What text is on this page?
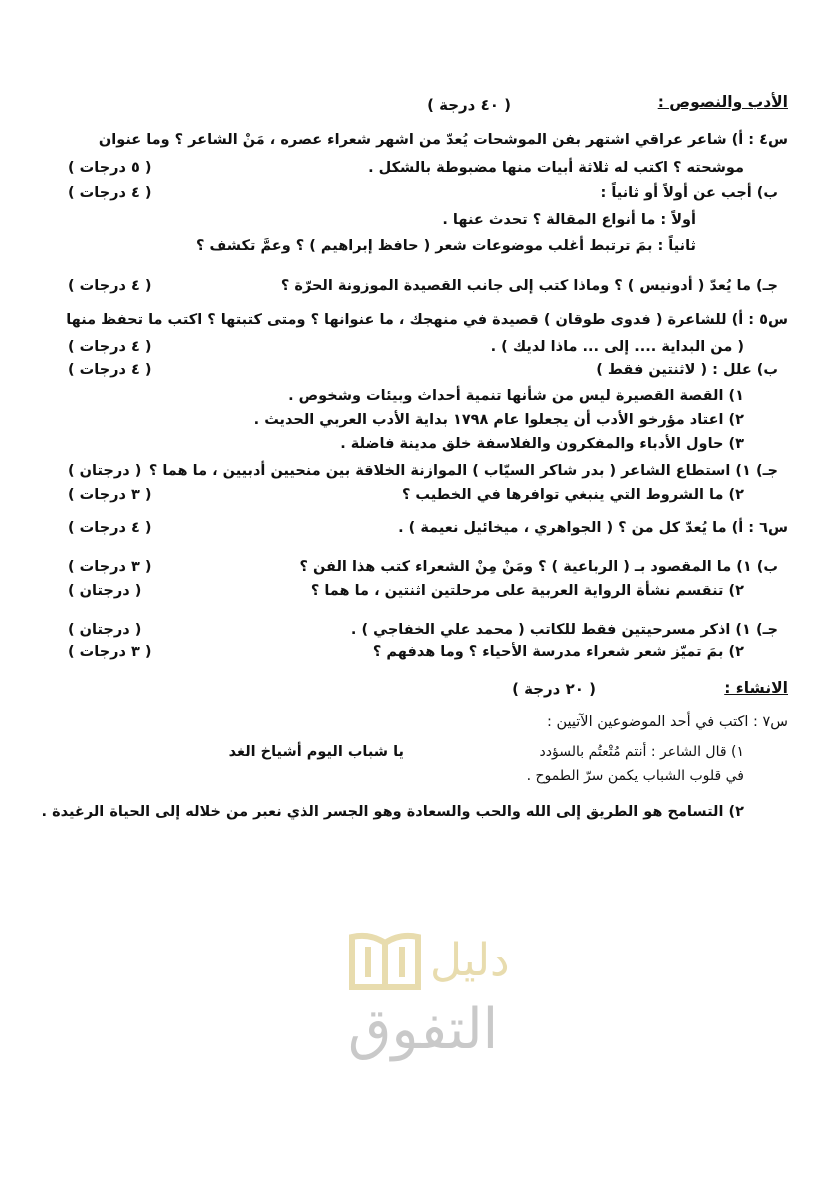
الأدب والنصوص :
( ٤٠ درجة )
س٤ : أ) شاعر عراقي اشتهر بفن الموشحات يُعدّ من اشهر شعراء عصره ، مَنْ الشاعر ؟ وما عنوان
موشحته ؟ اكتب له ثلاثة أبيات منها مضبوطة بالشكل .
( ٥ درجات )
ب) أجب عن أولاً أو ثانياً :
( ٤ درجات )
أولاً : ما أنواع المقالة ؟ تحدث عنها .
ثانياً : بمَ ترتبط أغلب موضوعات شعر ( حافظ إبراهيم ) ؟ وعمَّ تكشف ؟
جـ) ما يُعدّ ( أدونيس ) ؟ وماذا كتب إلى جانب القصيدة الموزونة الحرّة ؟
( ٤ درجات )
س٥ : أ) للشاعرة ( فدوى طوقان ) قصيدة في منهجك ، ما عنوانها ؟ ومتى كتبتها ؟ اكتب ما تحفظ منها
( من البداية .... إلى ... ماذا لديك ) .
( ٤ درجات )
ب) علل : ( لاثنتين فقط )
( ٤ درجات )
١) القصة القصيرة ليس من شأنها تنمية أحداث وبيئات وشخوص .
٢) اعتاد مؤرخو الأدب أن يجعلوا عام ١٧٩٨ بداية الأدب العربي الحديث .
٣) حاول الأدباء والمفكرون والفلاسفة خلق مدينة فاضلة .
جـ) ١) استطاع الشاعر ( بدر شاكر السيّاب ) الموازنة الخلاقة بين منحيين أدبيين ، ما هما ؟
( درجتان )
٢) ما الشروط التي ينبغي توافرها في الخطيب ؟
( ٣ درجات )
س٦ : أ) ما يُعدّ كل من ؟ ( الجواهري ، ميخائيل نعيمة ) .
( ٤ درجات )
ب) ١) ما المقصود بـ ( الرباعية ) ؟ ومَنْ مِنْ الشعراء كتب هذا الفن ؟
( ٣ درجات )
٢) تنقسم نشأة الرواية العربية على مرحلتين اثنتين ، ما هما ؟
( درجتان )
جـ) ١) اذكر مسرحيتين فقط للكاتب ( محمد علي الخفاجي ) .
( درجتان )
٢) بمَ تميّز شعر شعراء مدرسة الأحياء ؟ وما هدفهم ؟
( ٣ درجات )
الانشاء :
( ٢٠ درجة )
س٧ : اكتب في أحد الموضوعين الآتيين :
١) قال الشاعر : أنتم مُتْعتُم بالسؤدد
يا شباب اليوم أشياخ الغد
في قلوب الشباب يكمن سرّ الطموح .
٢) التسامح هو الطريق إلى الله والحب والسعادة وهو الجسر الذي نعبر من خلاله إلى الحياة الرغيدة .
دليل
التفوق
